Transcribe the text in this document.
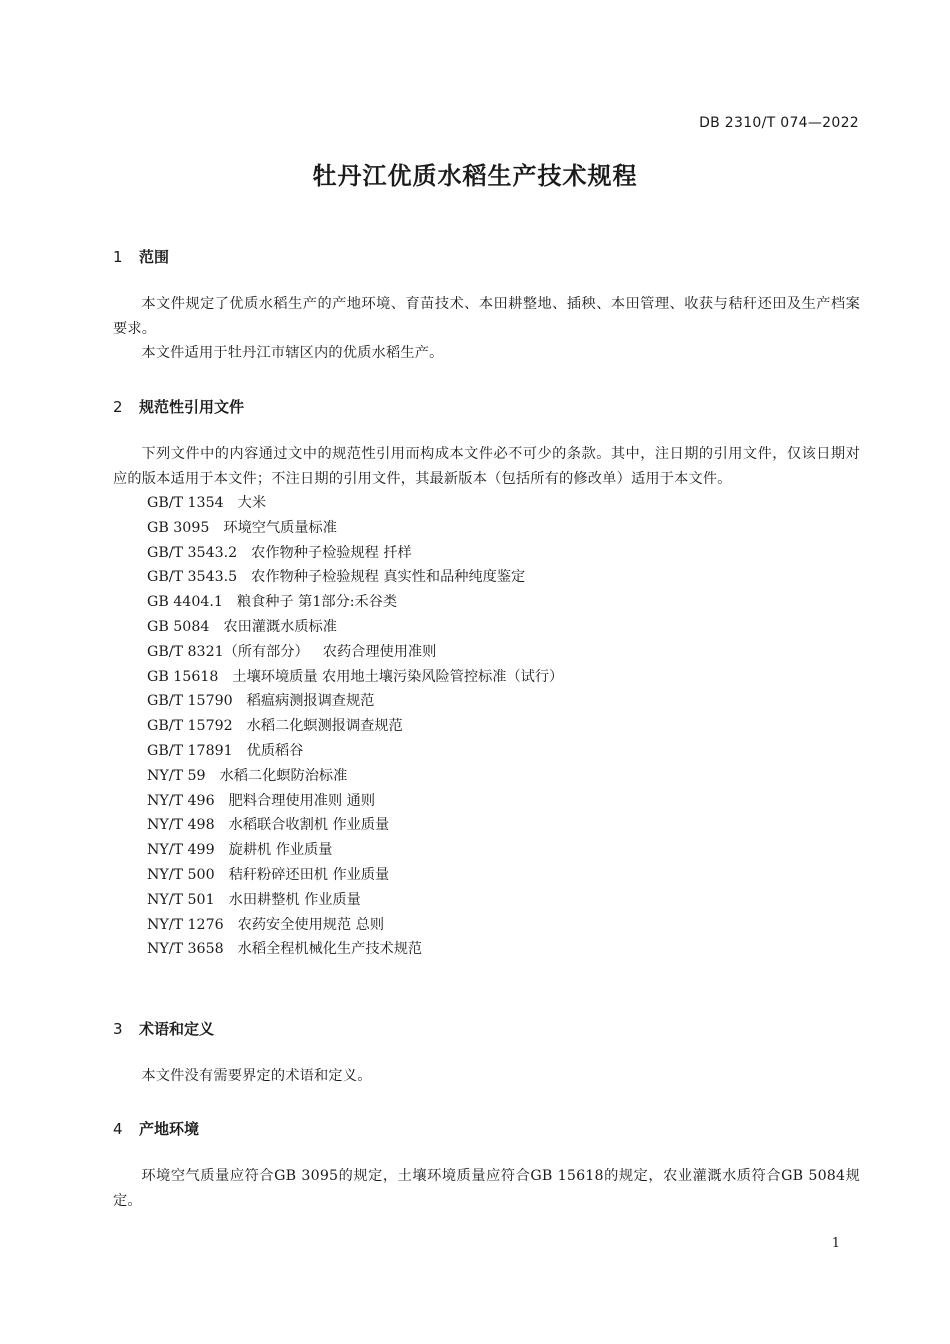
DB 2310/T 074—2022
牡丹江优质水稻生产技术规程
1 范围

本文件规定了优质水稻生产的产地环境、育苗技术、本田耕整地、插秧、本田管理、收获与秸秆还田及生产档案要求。

本文件适用于牡丹江市辖区内的优质水稻生产。

2 规范性引用文件

下列文件中的内容通过文中的规范性引用而构成本文件必不可少的条款。其中，注日期的引用文件，仅该日期对应的版本适用于本文件；不注日期的引用文件，其最新版本（包括所有的修改单）适用于本文件。

GB/T 1354 大米
GB 3095 环境空气质量标准
GB/T 3543.2 农作物种子检验规程 扦样
GB/T 3543.5 农作物种子检验规程 真实性和品种纯度鉴定
GB 4404.1 粮食种子 第1部分:禾谷类
GB 5084 农田灌溉水质标准
GB/T 8321（所有部分） 农药合理使用准则
GB 15618 土壤环境质量 农用地土壤污染风险管控标准（试行）
GB/T 15790 稻瘟病测报调查规范
GB/T 15792 水稻二化螟测报调查规范
GB/T 17891 优质稻谷
NY/T 59 水稻二化螟防治标准
NY/T 496 肥料合理使用准则 通则
NY/T 498 水稻联合收割机 作业质量
NY/T 499 旋耕机 作业质量
NY/T 500 秸秆粉碎还田机 作业质量
NY/T 501 水田耕整机 作业质量
NY/T 1276 农药安全使用规范 总则
NY/T 3658 水稻全程机械化生产技术规范
3 术语和定义

本文件没有需要界定的术语和定义。

4 产地环境

环境空气质量应符合GB 3095的规定，土壤环境质量应符合GB 15618的规定，农业灌溉水质符合GB 5084规定。

1
